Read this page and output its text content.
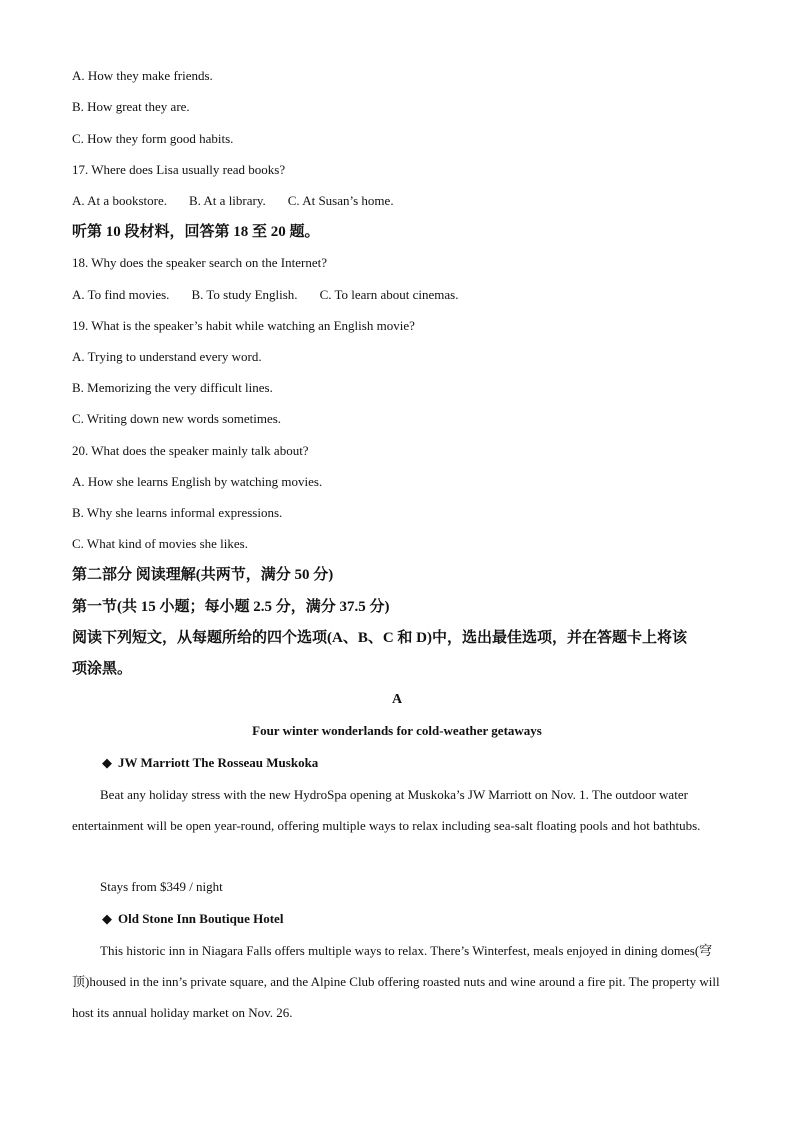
A. How they make friends.
B. How great they are.
C. How they form good habits.
17. Where does Lisa usually read books?
A. At a bookstore. B. At a library. C. At Susan’s home.
听第 10 段材料，回答第 18 至 20 题。
18. Why does the speaker search on the Internet?
A. To find movies. B. To study English. C. To learn about cinemas.
19. What is the speaker’s habit while watching an English movie?
A. Trying to understand every word.
B. Memorizing the very difficult lines.
C. Writing down new words sometimes.
20. What does the speaker mainly talk about?
A. How she learns English by watching movies.
B. Why she learns informal expressions.
C. What kind of movies she likes.
第二部分 阅读理解(共两节，满分 50 分)
第一节(共 15 小题；每小题 2.5 分，满分 37.5 分)
阅读下列短文，从每题所给的四个选项(A、B、C 和 D)中，选出最佳选项，并在答题卡上将该
项涂黑。
A
Four winter wonderlands for cold-weather getaways
◆ JW Marriott The Rosseau Muskoka
Beat any holiday stress with the new HydroSpa opening at Muskoka’s JW Marriott on Nov. 1. The outdoor water entertainment will be open year-round, offering multiple ways to relax including sea-salt floating pools and hot bathtubs.
Stays from $349 / night
◆ Old Stone Inn Boutique Hotel
This historic inn in Niagara Falls offers multiple ways to relax. There’s Winterfest, meals enjoyed in dining domes(穹顶)housed in the inn’s private square, and the Alpine Club offering roasted nuts and wine around a fire pit. The property will host its annual holiday market on Nov. 26.
